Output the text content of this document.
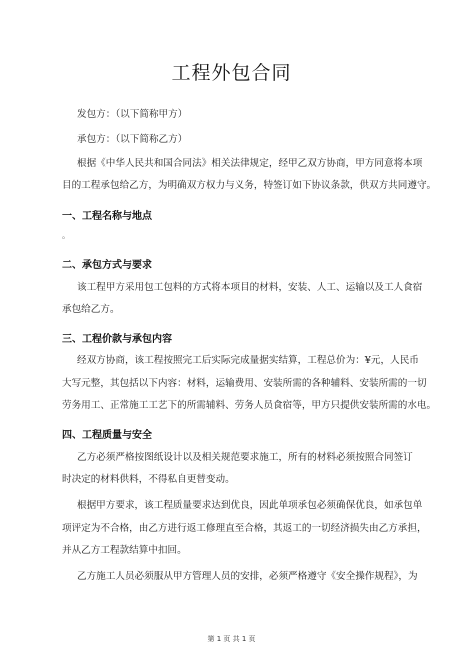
工程外包合同
发包方：（以下简称甲方）
承包方：（以下简称乙方）
根据《中华人民共和国合同法》相关法律规定，经甲乙双方协商，甲方同意将本项
目的工程承包给乙方，为明确双方权力与义务，特签订如下协议条款，供双方共同遵守。
一、工程名称与地点
。
二、承包方式与要求
该工程甲方采用包工包料的方式将本项目的材料，安装、人工、运输以及工人食宿
承包给乙方。
三、工程价款与承包内容
经双方协商，该工程按照完工后实际完成量据实结算，工程总价为：¥元，人民币
大写元整，其包括以下内容：材料，运输费用、安装所需的各种辅料、安装所需的一切
劳务用工、正常施工工艺下的所需辅料、劳务人员食宿等，甲方只提供安装所需的水电。
四、工程质量与安全
乙方必须严格按图纸设计以及相关规范要求施工，所有的材料必须按照合同签订
时决定的材料供料，不得私自更替变动。
根据甲方要求，该工程质量要求达到优良，因此单项承包必须确保优良，如承包单
项评定为不合格，由乙方进行返工修理直至合格，其返工的一切经济损失由乙方承担，
并从乙方工程款结算中扣回。
乙方施工人员必须服从甲方管理人员的安排，必须严格遵守《安全操作规程》，为
第 1 页 共 1 页
